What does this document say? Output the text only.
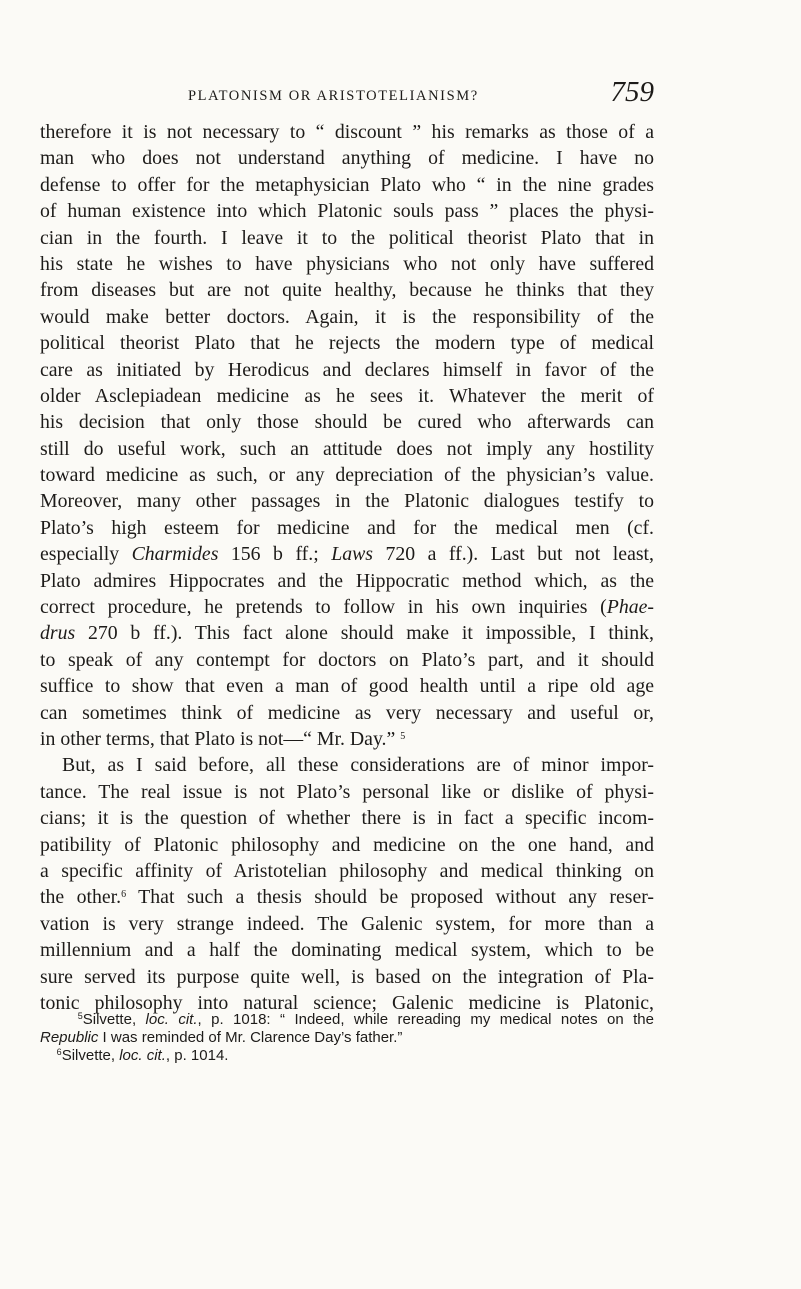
PLATONISM OR ARISTOTELIANISM?	759
therefore it is not necessary to “ discount ” his remarks as those of a
man who does not understand anything of medicine. I have no
defense to offer for the metaphysician Plato who “ in the nine grades
of human existence into which Platonic souls pass ” places the physi-
cian in the fourth. I leave it to the political theorist Plato that in
his state he wishes to have physicians who not only have suffered
from diseases but are not quite healthy, because he thinks that they
would make better doctors. Again, it is the responsibility of the
political theorist Plato that he rejects the modern type of medical
care as initiated by Herodicus and declares himself in favor of the
older Asclepiadean medicine as he sees it. Whatever the merit of
his decision that only those should be cured who afterwards can
still do useful work, such an attitude does not imply any hostility
toward medicine as such, or any depreciation of the physician’s value.
Moreover, many other passages in the Platonic dialogues testify to
Plato’s high esteem for medicine and for the medical men (cf.
especially Charmides 156 b ff.; Laws 720 a ff.). Last but not least,
Plato admires Hippocrates and the Hippocratic method which, as the
correct procedure, he pretends to follow in his own inquiries (Phae-
drus 270 b ff.). This fact alone should make it impossible, I think,
to speak of any contempt for doctors on Plato’s part, and it should
suffice to show that even a man of good health until a ripe old age
can sometimes think of medicine as very necessary and useful or,
in other terms, that Plato is not—“ Mr. Day.” $^5$
But, as I said before, all these considerations are of minor impor-
tance. The real issue is not Plato’s personal like or dislike of physi-
cians; it is the question of whether there is in fact a specific incom-
patibility of Platonic philosophy and medicine on the one hand, and
a specific affinity of Aristotelian philosophy and medical thinking on
the other.$^6$ That such a thesis should be proposed without any reser-
vation is very strange indeed. The Galenic system, for more than a
millennium and a half the dominating medical system, which to be
sure served its purpose quite well, is based on the integration of Pla-
tonic philosophy into natural science; Galenic medicine is Platonic,
$^5$Silvette, loc. cit., p. 1018: “ Indeed, while rereading my medical notes on the
Republic I was reminded of Mr. Clarence Day’s father.”
$^6$Silvette, loc. cit., p. 1014.
